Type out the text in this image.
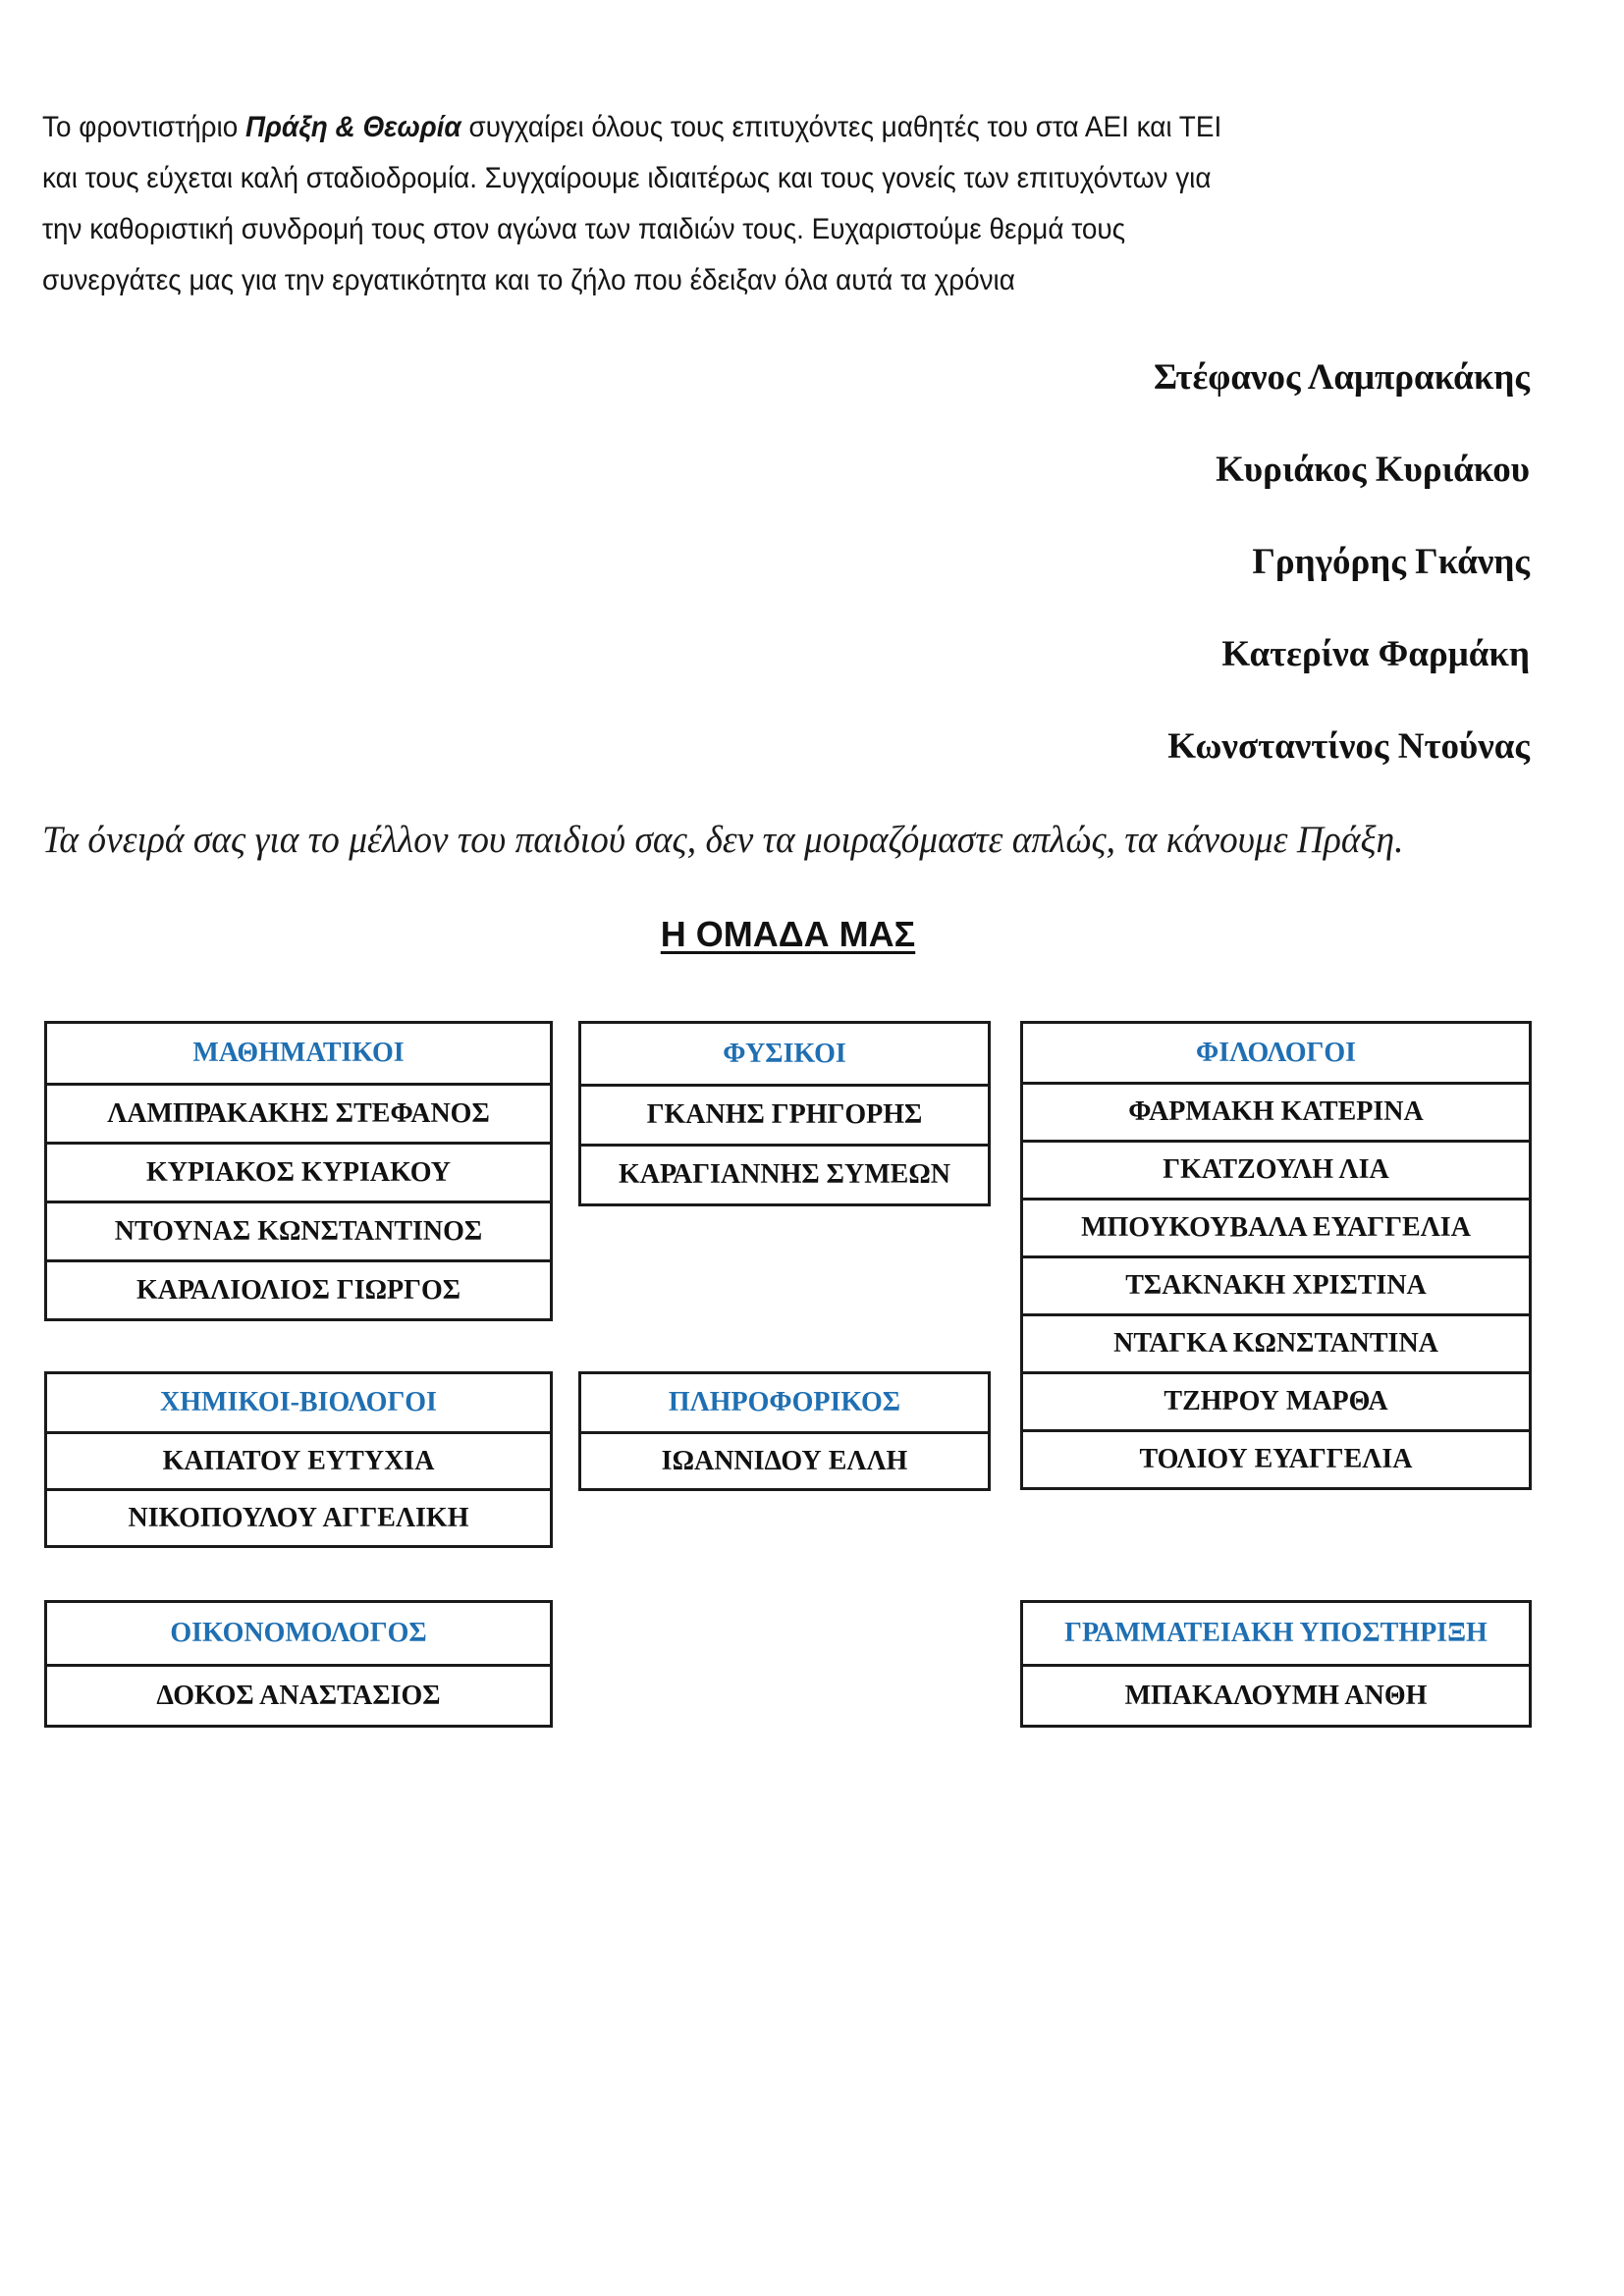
Το φροντιστήριο Πράξη & Θεωρία συγχαίρει όλους τους επιτυχόντες μαθητές του στα ΑΕΙ και ΤΕΙ
και τους εύχεται καλή σταδιοδρομία. Συγχαίρουμε ιδιαιτέρως και τους γονείς των επιτυχόντων για
την καθοριστική συνδρομή τους στον αγώνα των παιδιών τους. Ευχαριστούμε θερμά τους
συνεργάτες μας για την εργατικότητα και το ζήλο που έδειξαν όλα αυτά τα χρόνια
Στέφανος Λαμπρακάκης
Κυριάκος Κυριάκου
Γρηγόρης Γκάνης
Κατερίνα Φαρμάκη
Κωνσταντίνος Ντούνας
Τα όνειρά σας για το μέλλον του παιδιού σας, δεν τα μοιραζόμαστε απλώς, τα κάνουμε Πράξη.
Η ΟΜΑΔΑ ΜΑΣ
ΜΑΘΗΜΑΤΙΚΟΙ
ΛΑΜΠΡΑΚΑΚΗΣ ΣΤΕΦΑΝΟΣ
ΚΥΡΙΑΚΟΣ ΚΥΡΙΑΚΟΥ
ΝΤΟΥΝΑΣ ΚΩΝΣΤΑΝΤΙΝΟΣ
ΚΑΡΑΛΙΟΛΙΟΣ ΓΙΩΡΓΟΣ
ΦΥΣΙΚΟΙ
ΓΚΑΝΗΣ ΓΡΗΓΟΡΗΣ
ΚΑΡΑΓΙΑΝΝΗΣ ΣΥΜΕΩΝ
ΦΙΛΟΛΟΓΟΙ
ΦΑΡΜΑΚΗ ΚΑΤΕΡΙΝΑ
ΓΚΑΤΖΟΥΛΗ ΛΙΑ
ΜΠΟΥΚΟΥΒΑΛΑ ΕΥΑΓΓΕΛΙΑ
ΤΣΑΚΝΑΚΗ ΧΡΙΣΤΙΝΑ
ΝΤΑΓΚΑ ΚΩΝΣΤΑΝΤΙΝΑ
ΤΖΗΡΟΥ ΜΑΡΘΑ
ΤΟΛΙΟΥ ΕΥΑΓΓΕΛΙΑ
ΧΗΜΙΚΟΙ-ΒΙΟΛΟΓΟΙ
ΚΑΠΑΤΟΥ ΕΥΤΥΧΙΑ
ΝΙΚΟΠΟΥΛΟΥ ΑΓΓΕΛΙΚΗ
ΠΛΗΡΟΦΟΡΙΚΟΣ
ΙΩΑΝΝΙΔΟΥ ΕΛΛΗ
ΟΙΚΟΝΟΜΟΛΟΓΟΣ
ΔΟΚΟΣ ΑΝΑΣΤΑΣΙΟΣ
ΓΡΑΜΜΑΤΕΙΑΚΗ ΥΠΟΣΤΗΡΙΞΗ
ΜΠΑΚΑΛΟΥΜΗ ΑΝΘΗ
